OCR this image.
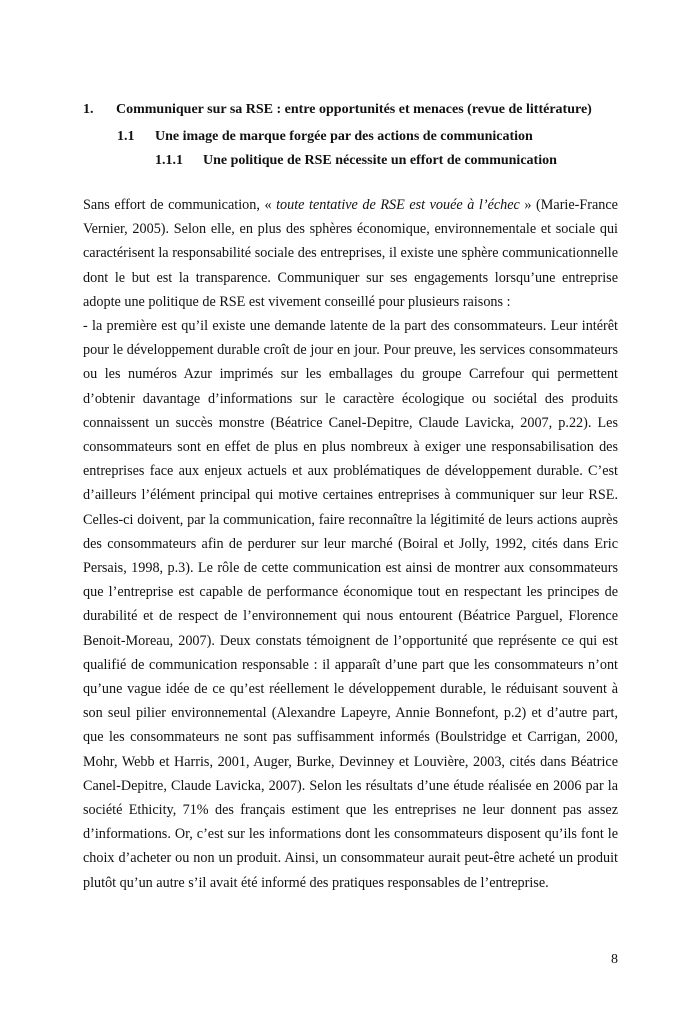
1. Communiquer sur sa RSE : entre opportunités et menaces (revue de littérature)
1.1 Une image de marque forgée par des actions de communication
1.1.1 Une politique de RSE nécessite un effort de communication

Sans effort de communication, « toute tentative de RSE est vouée à l’échec » (Marie-France Vernier, 2005). Selon elle, en plus des sphères économique, environnementale et sociale qui caractérisent la responsabilité sociale des entreprises, il existe une sphère communicationnelle dont le but est la transparence. Communiquer sur ses engagements lorsqu’une entreprise adopte une politique de RSE est vivement conseillé pour plusieurs raisons :

- la première est qu’il existe une demande latente de la part des consommateurs. Leur intérêt pour le développement durable croît de jour en jour. Pour preuve, les services consommateurs ou les numéros Azur imprimés sur les emballages du groupe Carrefour qui permettent d’obtenir davantage d’informations sur le caractère écologique ou sociétal des produits connaissent un succès monstre (Béatrice Canel-Depitre, Claude Lavicka, 2007, p.22). Les consommateurs sont en effet de plus en plus nombreux à exiger une responsabilisation des entreprises face aux enjeux actuels et aux problématiques de développement durable. C’est d’ailleurs l’élément principal qui motive certaines entreprises à communiquer sur leur RSE. Celles-ci doivent, par la communication, faire reconnaître la légitimité de leurs actions auprès des consommateurs afin de perdurer sur leur marché (Boiral et Jolly, 1992, cités dans Eric Persais, 1998, p.3). Le rôle de cette communication est ainsi de montrer aux consommateurs que l’entreprise est capable de performance économique tout en respectant les principes de durabilité et de respect de l’environnement qui nous entourent (Béatrice Parguel, Florence Benoit-Moreau, 2007). Deux constats témoignent de l’opportunité que représente ce qui est qualifié de communication responsable : il apparaît d’une part que les consommateurs n’ont qu’une vague idée de ce qu’est réellement le développement durable, le réduisant souvent à son seul pilier environnemental (Alexandre Lapeyre, Annie Bonnefont, p.2) et d’autre part, que les consommateurs ne sont pas suffisamment informés (Boulstridge et Carrigan, 2000, Mohr, Webb et Harris, 2001, Auger, Burke, Devinney et Louvière, 2003, cités dans Béatrice Canel-Depitre, Claude Lavicka, 2007). Selon les résultats d’une étude réalisée en 2006 par la société Ethicity, 71% des français estiment que les entreprises ne leur donnent pas assez d’informations. Or, c’est sur les informations dont les consommateurs disposent qu’ils font le choix d’acheter ou non un produit. Ainsi, un consommateur aurait peut-être acheté un produit plutôt qu’un autre s’il avait été informé des pratiques responsables de l’entreprise.

8
